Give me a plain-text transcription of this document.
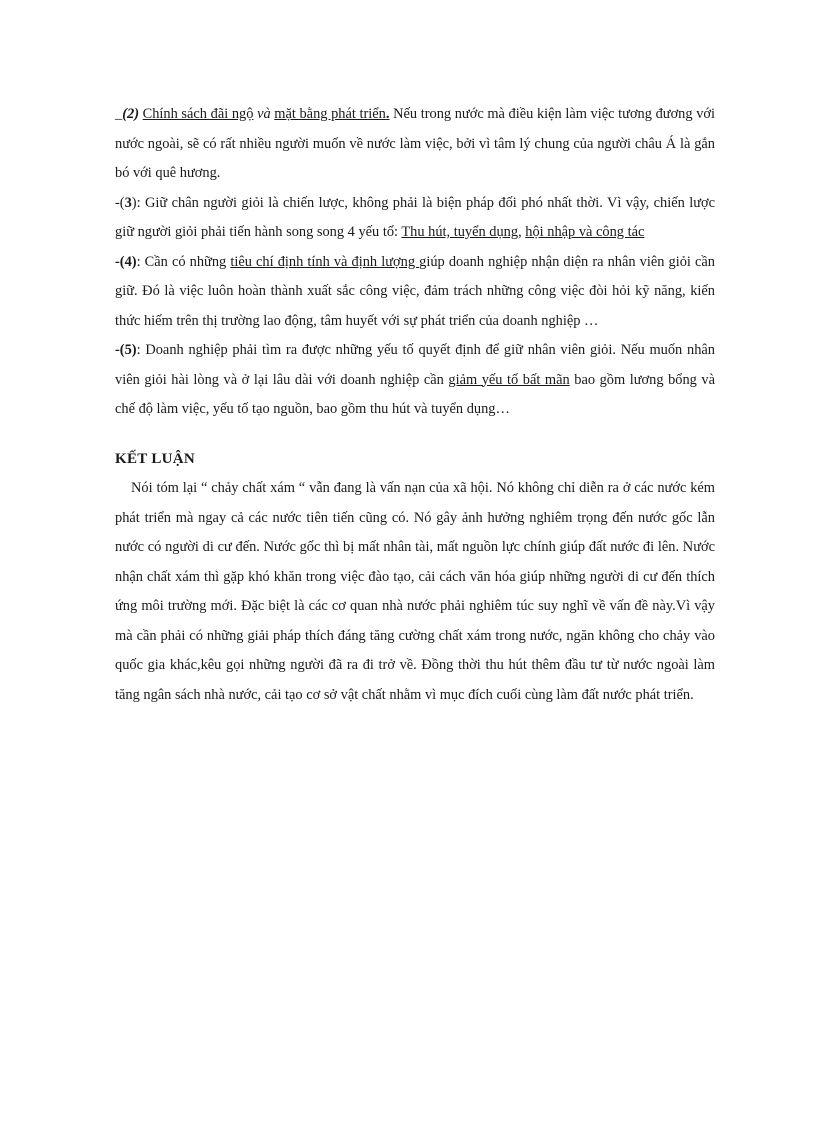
_(2) Chính sách đãi ngộ và mặt bằng phát triển. Nếu trong nước mà điều kiện làm việc tương đương với nước ngoài, sẽ có rất nhiều người muốn về nước làm việc, bởi vì tâm lý chung của người châu Á là gắn bó với quê hương.

-(3): Giữ chân người giỏi là chiến lược, không phải là biện pháp đối phó nhất thời. Vì vậy, chiến lược giữ người giỏi phải tiến hành song song 4 yếu tố: Thu hút, tuyển dụng, hội nhập và công tác

-(4): Cần có những tiêu chí định tính và định lượng giúp doanh nghiệp nhận diện ra nhân viên giỏi cần giữ. Đó là việc luôn hoàn thành xuất sắc công việc, đảm trách những công việc đòi hỏi kỹ năng, kiến thức hiếm trên thị trường lao động, tâm huyết với sự phát triển của doanh nghiệp …

-(5): Doanh nghiệp phải tìm ra được những yếu tố quyết định để giữ nhân viên giỏi. Nếu muốn nhân viên giỏi hài lòng và ở lại lâu dài với doanh nghiệp cần giảm yếu tố bất mãn bao gồm lương bổng và chế độ làm việc, yếu tố tạo nguồn, bao gồm thu hút và tuyển dụng…

KẾT LUẬN

Nói tóm lại “ chảy chất xám “ vẫn đang là vấn nạn của xã hội. Nó không chỉ diễn ra ở các nước kém phát triển mà ngay cả các nước tiên tiến cũng có. Nó gây ảnh hưởng nghiêm trọng đến nước gốc lẫn nước có người di cư đến. Nước gốc thì bị mất nhân tài, mất nguồn lực chính giúp đất nước đi lên. Nước nhận chất xám thì gặp khó khăn trong việc đào tạo, cải cách văn hóa giúp những người di cư đến thích ứng môi trường mới. Đặc biệt là các cơ quan nhà nước phải nghiêm túc suy nghĩ về vấn đề này.Vì vậy mà cần phải có những giải pháp thích đáng tăng cường chất xám trong nước, ngăn không cho chảy vào quốc gia khác,kêu gọi những người đã ra đi trở về. Đồng thời thu hút thêm đầu tư từ nước ngoài làm tăng ngân sách nhà nước, cải tạo cơ sở vật chất nhằm vì mục đích cuối cùng làm đất nước phát triển.
